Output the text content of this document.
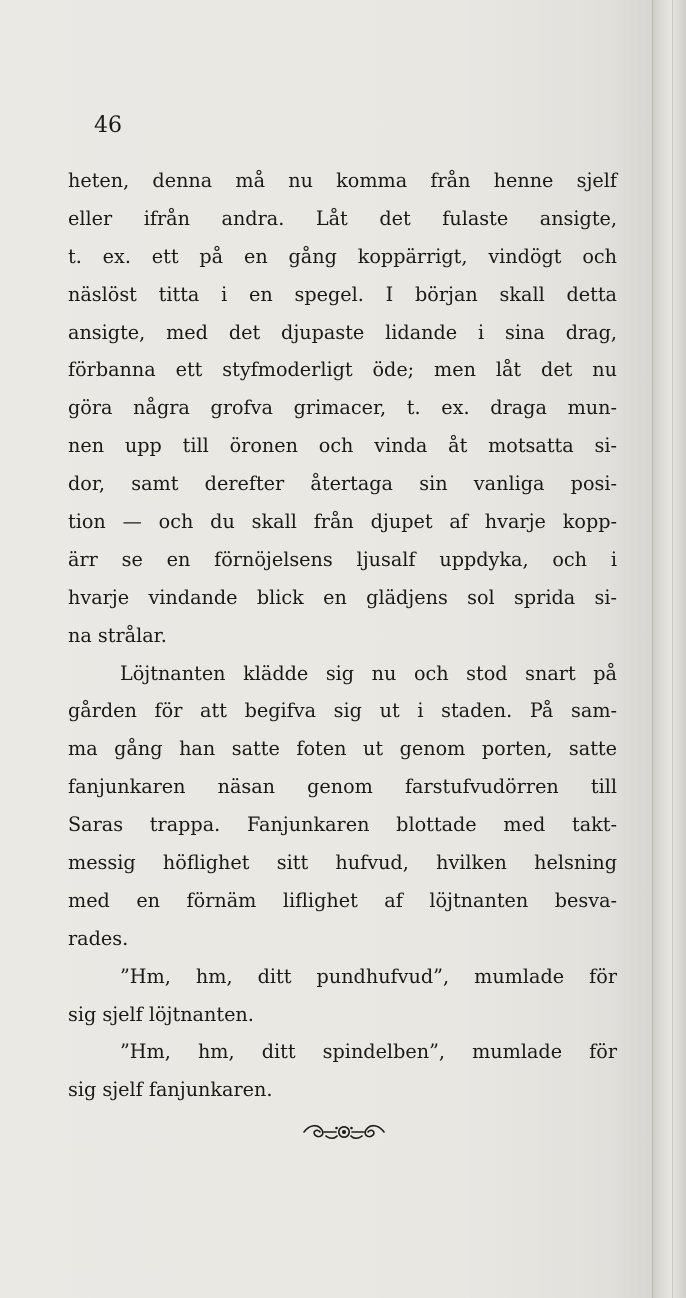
46
heten, denna må nu komma från henne sjelf
eller ifrån andra. Låt det fulaste ansigte,
t. ex. ett på en gång koppärrigt, vindögt och
näslöst titta i en spegel. I början skall detta
ansigte, med det djupaste lidande i sina drag,
förbanna ett styfmoderligt öde; men låt det nu
göra några grofva grimacer, t. ex. draga mun-
nen upp till öronen och vinda åt motsatta si-
dor, samt derefter återtaga sin vanliga posi-
tion — och du skall från djupet af hvarje kopp-
ärr se en förnöjelsens ljusalf uppdyka, och i
hvarje vindande blick en glädjens sol sprida si-
na strålar.
Löjtnanten klädde sig nu och stod snart på
gården för att begifva sig ut i staden. På sam-
ma gång han satte foten ut genom porten, satte
fanjunkaren näsan genom farstufvudörren till
Saras trappa. Fanjunkaren blottade med takt-
messig höflighet sitt hufvud, hvilken helsning
med en förnäm liflighet af löjtnanten besva-
rades.
”Hm, hm, ditt pundhufvud”, mumlade för
sig sjelf löjtnanten.
”Hm, hm, ditt spindelben”, mumlade för
sig sjelf fanjunkaren.
